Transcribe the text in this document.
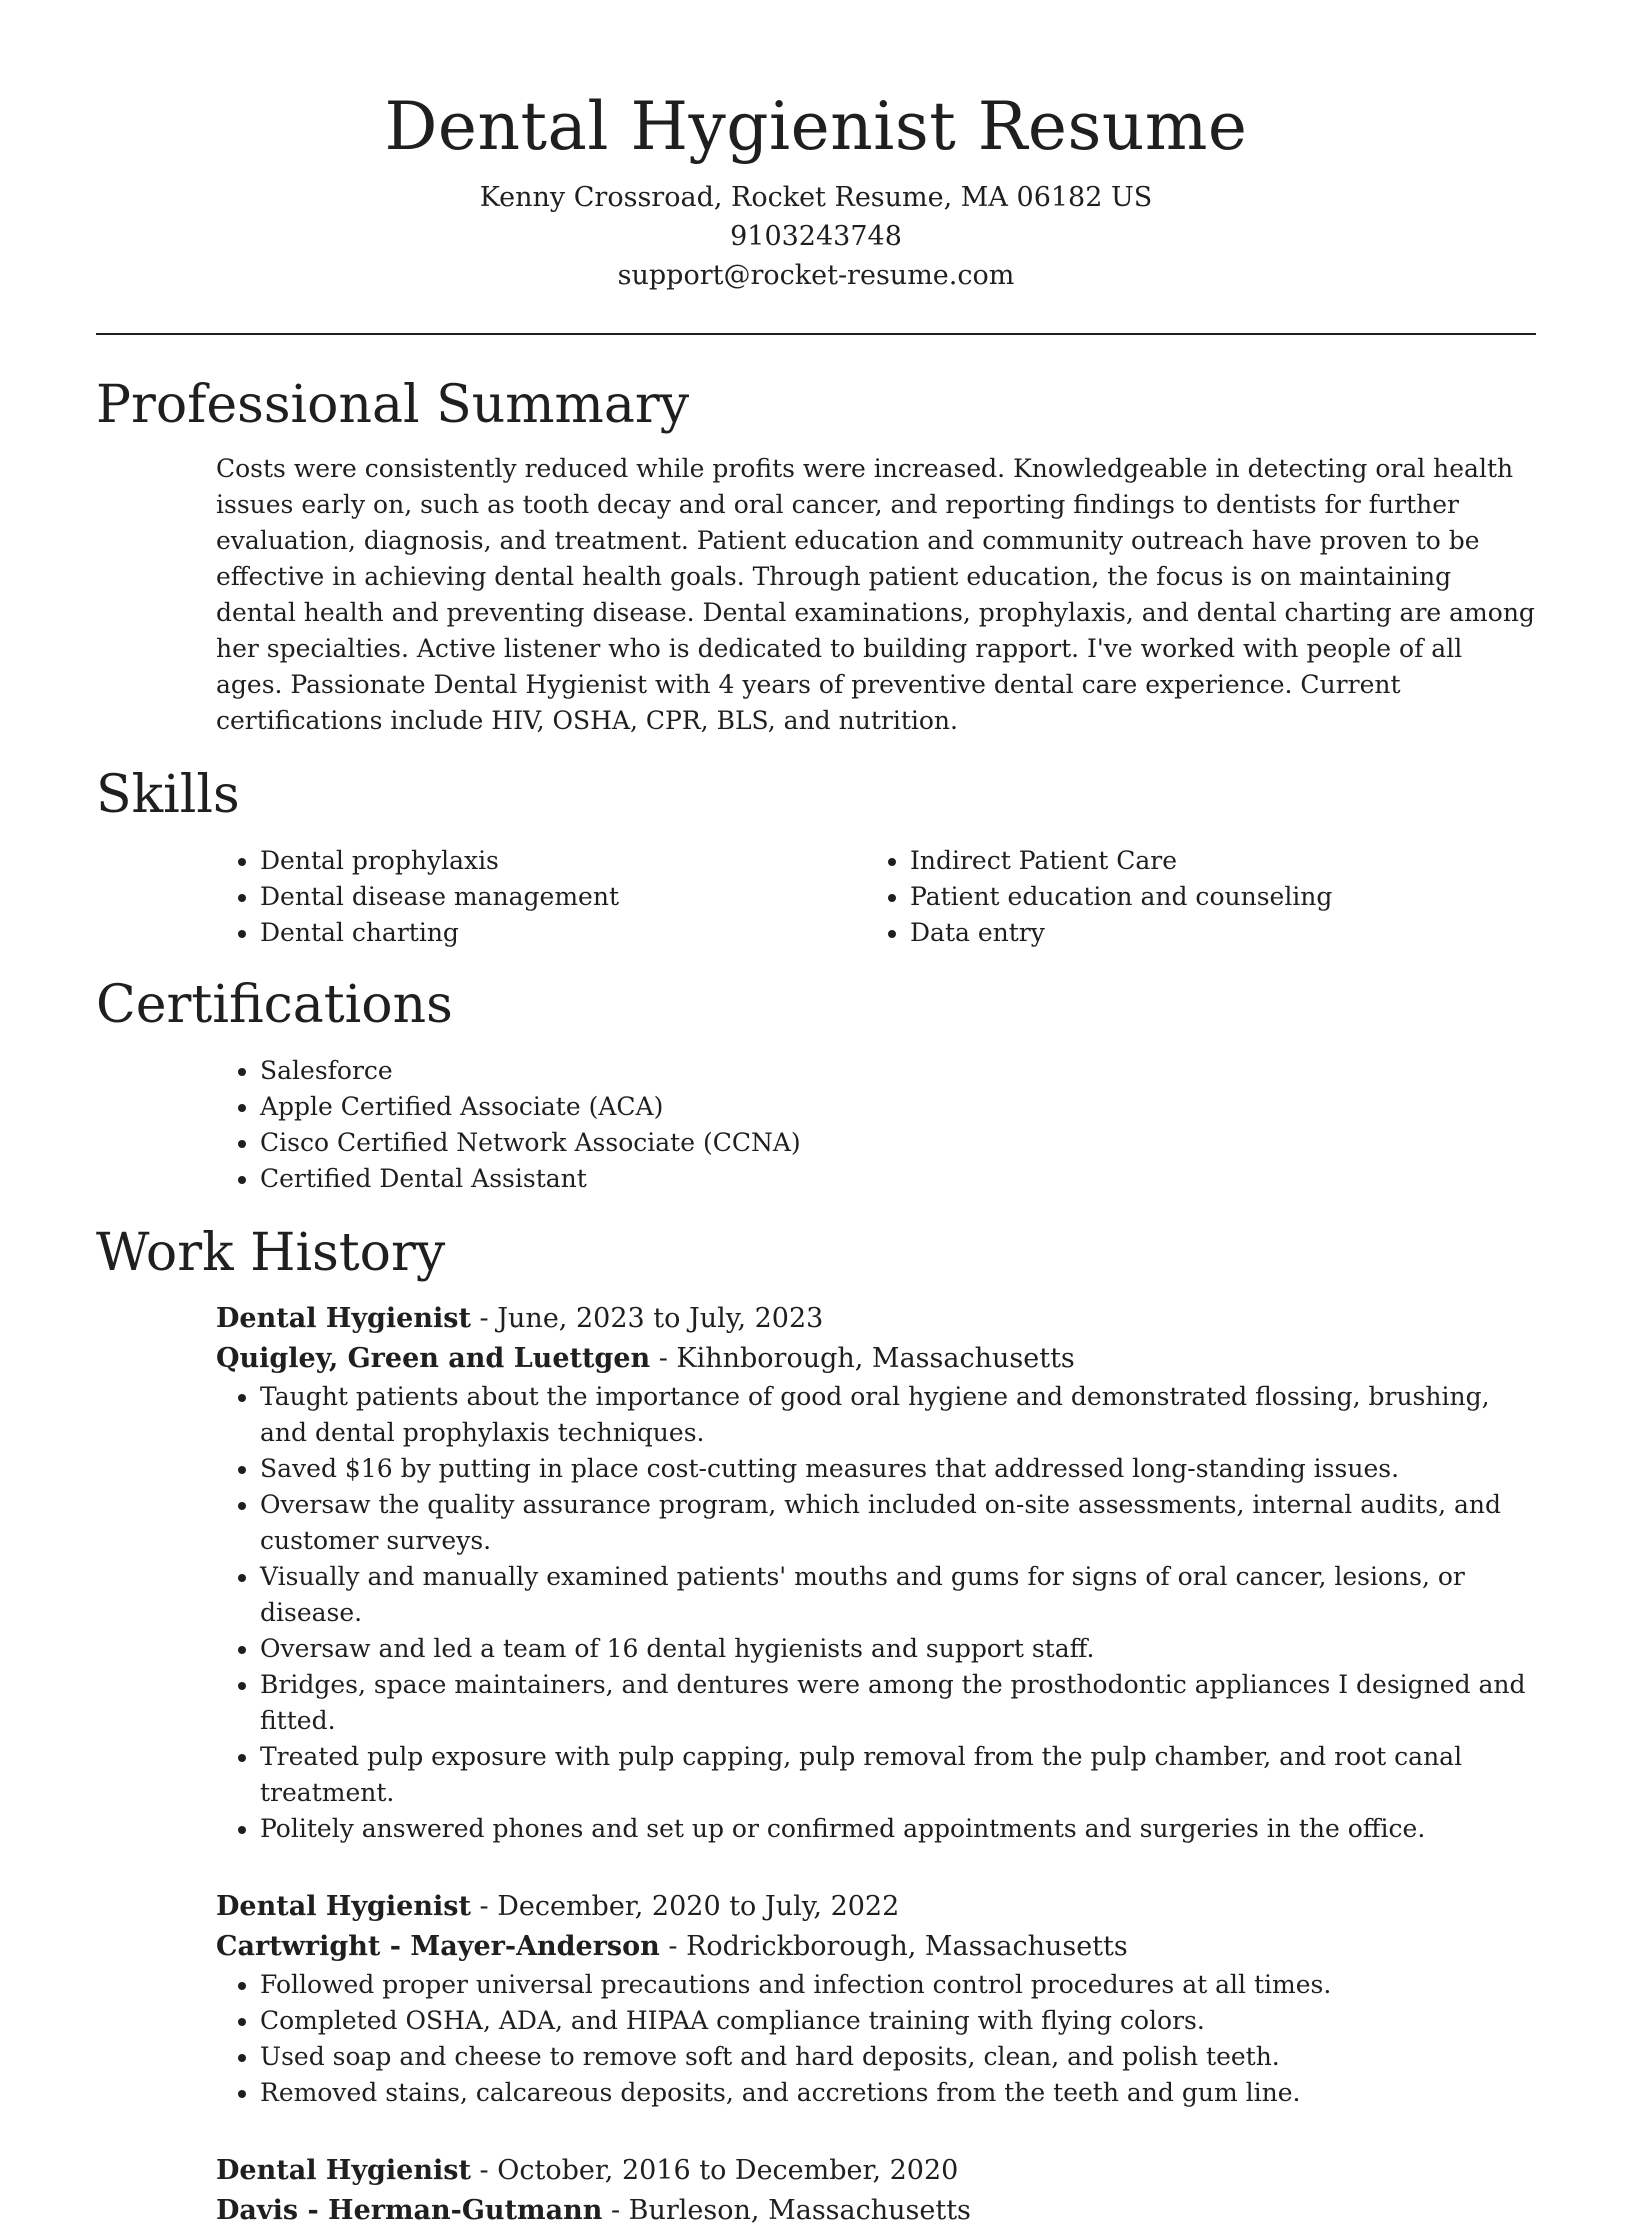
Dental Hygienist Resume
Kenny Crossroad, Rocket Resume, MA 06182 US
9103243748
support@rocket-resume.com
Professional Summary

Costs were consistently reduced while profits were increased. Knowledgeable in detecting oral health issues early on, such as tooth decay and oral cancer, and reporting findings to dentists for further evaluation, diagnosis, and treatment. Patient education and community outreach have proven to be effective in achieving dental health goals. Through patient education, the focus is on maintaining dental health and preventing disease. Dental examinations, prophylaxis, and dental charting are among her specialties. Active listener who is dedicated to building rapport. I've worked with people of all ages. Passionate Dental Hygienist with 4 years of preventive dental care experience. Current certifications include HIV, OSHA, CPR, BLS, and nutrition.

Skills
• Dental prophylaxis
• Dental disease management
• Dental charting
• Indirect Patient Care
• Patient education and counseling
• Data entry
Certifications
• Salesforce
• Apple Certified Associate (ACA)
• Cisco Certified Network Associate (CCNA)
• Certified Dental Assistant
Work History
Dental Hygienist - June, 2023 to July, 2023
Quigley, Green and Luettgen - Kihnborough, Massachusetts
• Taught patients about the importance of good oral hygiene and demonstrated flossing, brushing, and dental prophylaxis techniques.
• Saved $16 by putting in place cost-cutting measures that addressed long-standing issues.
• Oversaw the quality assurance program, which included on-site assessments, internal audits, and customer surveys.
• Visually and manually examined patients' mouths and gums for signs of oral cancer, lesions, or disease.
• Oversaw and led a team of 16 dental hygienists and support staff.
• Bridges, space maintainers, and dentures were among the prosthodontic appliances I designed and fitted.
• Treated pulp exposure with pulp capping, pulp removal from the pulp chamber, and root canal treatment.
• Politely answered phones and set up or confirmed appointments and surgeries in the office.
Dental Hygienist - December, 2020 to July, 2022
Cartwright - Mayer-Anderson - Rodrickborough, Massachusetts
• Followed proper universal precautions and infection control procedures at all times.
• Completed OSHA, ADA, and HIPAA compliance training with flying colors.
• Used soap and cheese to remove soft and hard deposits, clean, and polish teeth.
• Removed stains, calcareous deposits, and accretions from the teeth and gum line.
Dental Hygienist - October, 2016 to December, 2020
Davis - Herman-Gutmann - Burleson, Massachusetts
